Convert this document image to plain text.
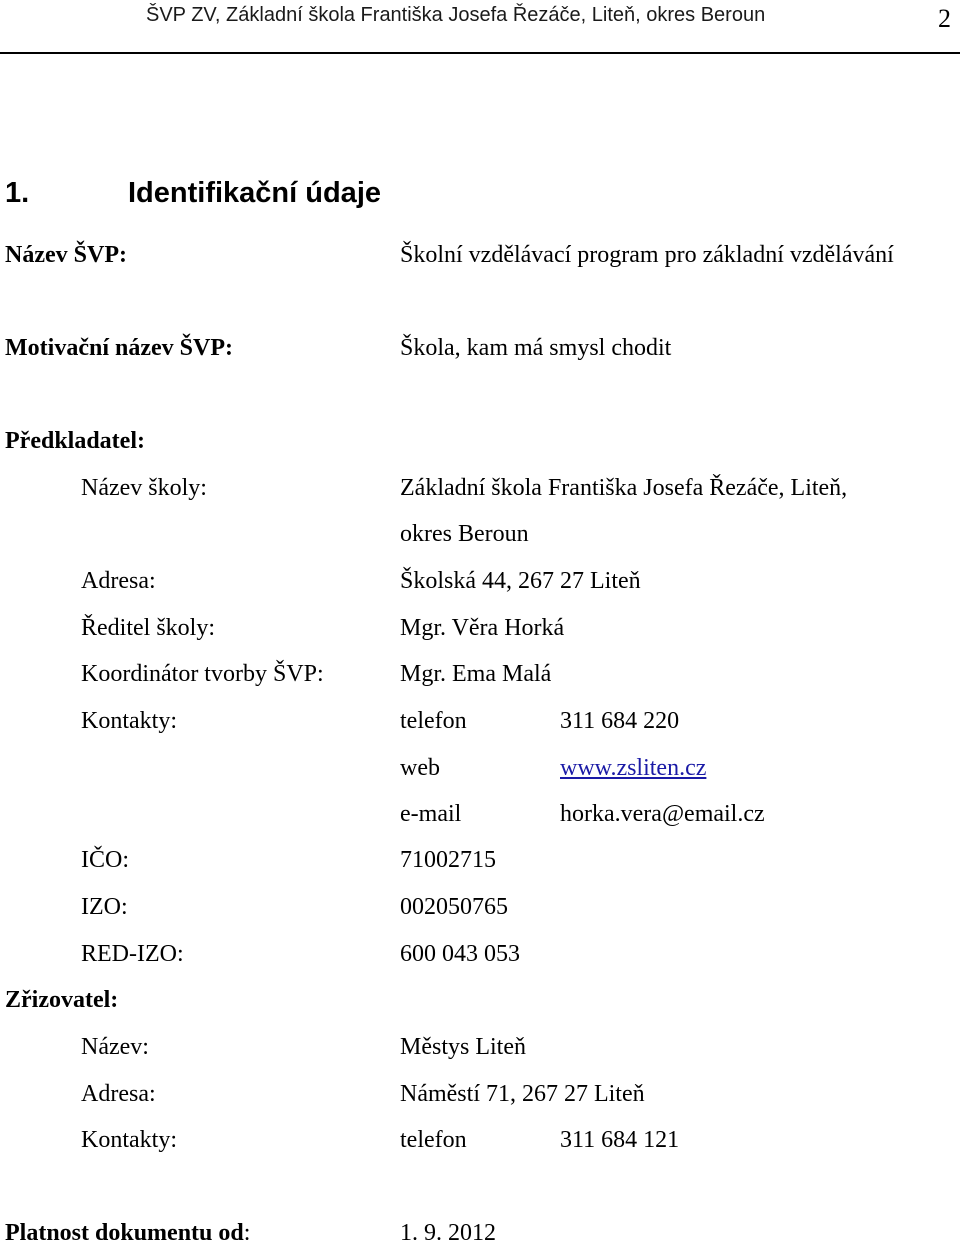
ŠVP ZV, Základní škola Františka Josefa Řezáče, Liteň, okres Beroun	2
1.	Identifikační údaje
Název ŠVP:	Školní vzdělávací program pro základní vzdělávání
Motivační název ŠVP:	Škola, kam má smysl chodit
Předkladatel:
Název školy:	Základní škola Františka Josefa Řezáče, Liteň,
okres Beroun
Adresa:	Školská 44, 267 27 Liteň
Ředitel školy:	Mgr. Věra Horká
Koordinátor tvorby ŠVP:	Mgr. Ema Malá
Kontakty:	telefon	311 684 220
web	www.zsliten.cz
e-mail	horka.vera@email.cz
IČO:	71002715
IZO:	002050765
RED-IZO:	600 043 053
Zřizovatel:
Název:	Městys Liteň
Adresa:	Náměstí 71, 267 27 Liteň
Kontakty:	telefon	311 684 121
Platnost dokumentu od:	1. 9. 2012
